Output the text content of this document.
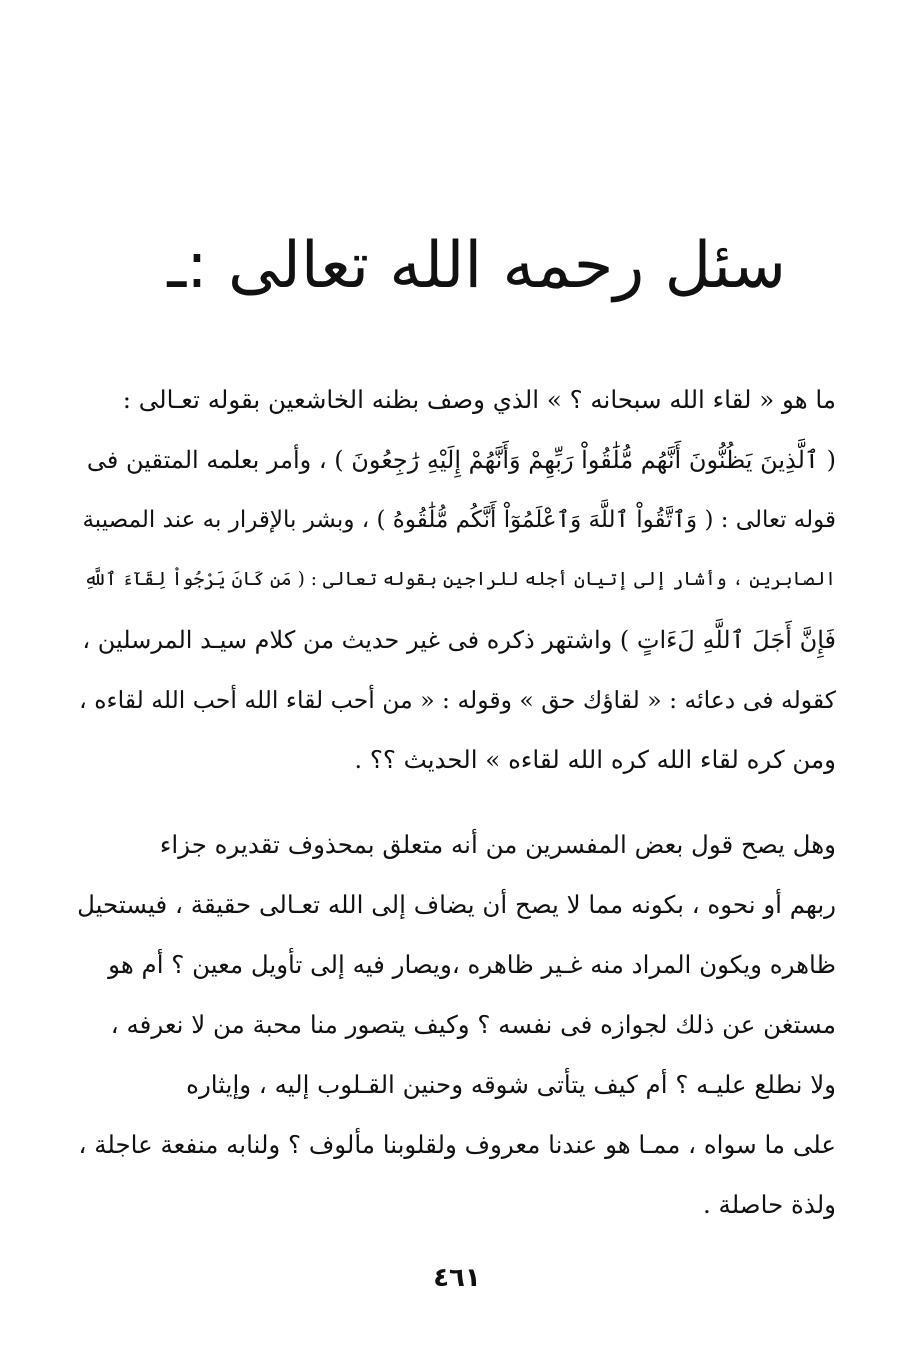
سئل رحمه الله تعالى :ـ
ما هو « لقاء الله سبحانه ؟ » الذي وصف بظنه الخاشعين بقوله تعـالى :
( ٱلَّذِينَ يَظُنُّونَ أَنَّهُم مُّلَٰقُواْ رَبِّهِمْ وَأَنَّهُمْ إِلَيْهِ رَٰجِعُونَ ) ، وأمر بعلمه المتقين فى
قوله تعالى : ( وَٱتَّقُواْ ٱللَّهَ وَٱعْلَمُوٓاْ أَنَّكُم مُّلَٰقُوهُ ) ، وبشر بالإقرار به عند المصيبة
الصابرين ، وأشار إلى إتيان أجله للراجين بقوله تعالى : ( مَن كَانَ يَرْجُواْ لِقَآءَ ٱللَّهِ
فَإِنَّ أَجَلَ ٱللَّهِ لَءَاتٍ ) واشتهر ذكره فى غير حديث من كلام سيـد المرسلين ،
كقوله فى دعائه : « لقاؤك حق » وقوله : « من أحب لقاء الله أحب الله لقاءه ،
ومن كره لقاء الله كره الله لقاءه » الحديث ؟؟ .
وهل يصح قول بعض المفسرين من أنه متعلق بمحذوف تقديره جزاء
ربهم أو نحوه ، بكونه مما لا يصح أن يضاف إلى الله تعـالى حقيقة ، فيستحيل
ظاهره ويكون المراد منه غـير ظاهره ،ويصار فيه إلى تأويل معين ؟ أم هو
مستغن عن ذلك لجوازه فى نفسه ؟ وكيف يتصور منا محبة من لا نعرفه ،
ولا نطلع عليـه ؟ أم كيف يتأتى شوقه وحنين القـلوب إليه ، وإيثاره
على ما سواه ، ممـا هو عندنا معروف ولقلوبنا مألوف ؟ ولنابه منفعة عاجلة ،
ولذة حاصلة .
٤٦١
